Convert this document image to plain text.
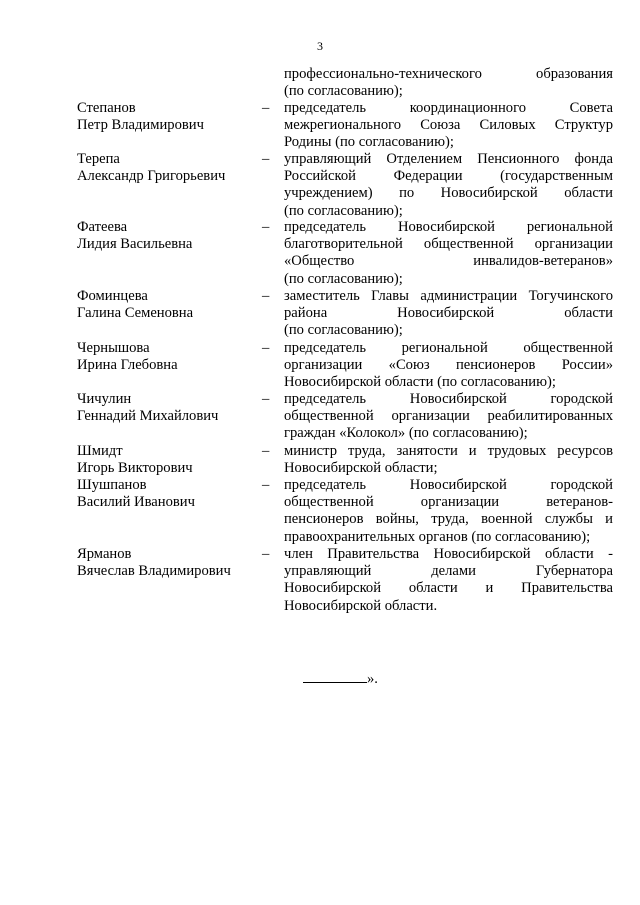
3
профессионально-технического образования
(по согласованию);
Степанов
Петр Владимирович
– председатель координационного Совета
межрегионального Союза Силовых Структур
Родины (по согласованию);
Терепа
Александр Григорьевич
– управляющий Отделением Пенсионного фонда
Российской Федерации (государственным
учреждением) по Новосибирской области
(по согласованию);
Фатеева
Лидия Васильевна
– председатель Новосибирской региональной
благотворительной общественной организации
«Общество инвалидов-ветеранов»
(по согласованию);
Фоминцева
Галина Семеновна
– заместитель Главы администрации Тогучинского
района Новосибирской области
(по согласованию);
Чернышова
Ирина Глебовна
– председатель региональной общественной
организации «Союз пенсионеров России»
Новосибирской области (по согласованию);
Чичулин
Геннадий Михайлович
– председатель Новосибирской городской
общественной организации реабилитированных
граждан «Колокол» (по согласованию);
Шмидт
Игорь Викторович
– министр труда, занятости и трудовых ресурсов
Новосибирской области;
Шушпанов
Василий Иванович
– председатель Новосибирской городской
общественной организации ветеранов-
пенсионеров войны, труда, военной службы и
правоохранительных органов (по согласованию);
Ярманов
Вячеслав Владимирович
– член Правительства Новосибирской области -
управляющий делами Губернатора
Новосибирской области и Правительства
Новосибирской области.
».
